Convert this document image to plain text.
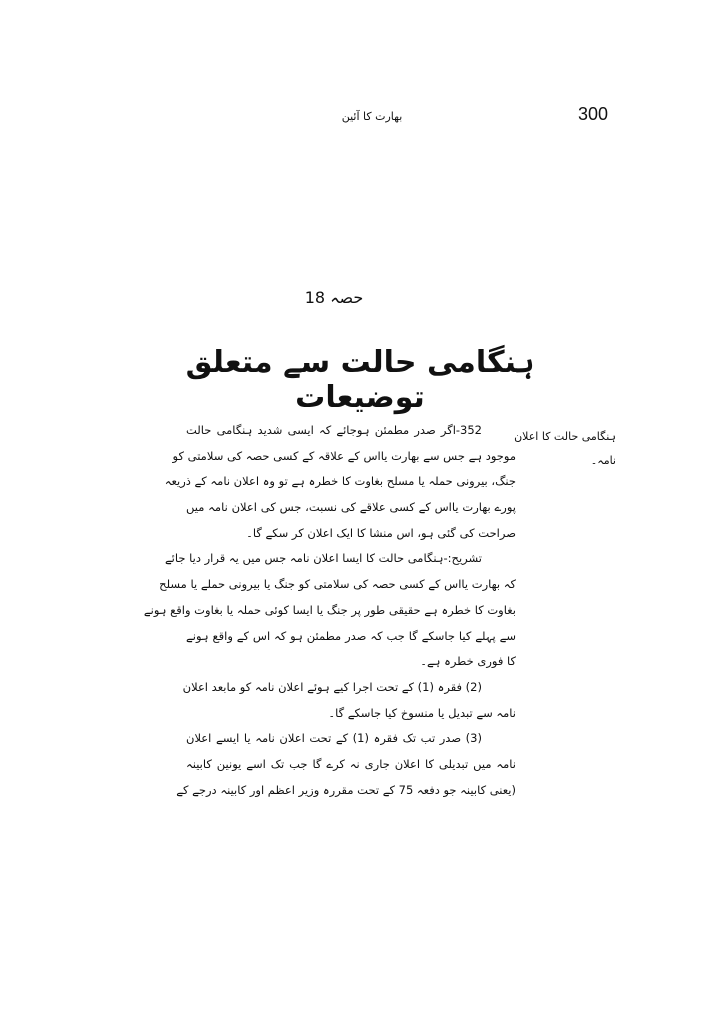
300
بھارت کا آئین
حصہ 18
ہنگامی حالت سے متعلق توضیعات
ہنگامی حالت کا اعلان
نامہ۔
352-اگر صدر مطمئن ہوجائے کہ ایسی شدید ہنگامی حالت
موجود ہے جس سے بھارت یااس کے علاقہ کے کسی حصہ کی سلامتی کو
جنگ، بیرونی حملہ یا مسلح بغاوت کا خطرہ ہے تو وہ اعلان نامہ کے ذریعہ
پورے بھارت یااس کے کسی علاقے کی نسبت، جس کی اعلان نامہ میں
صراحت کی گئی ہو، اس منشا کا ایک اعلان کر سکے گا۔
تشریح:-ہنگامی حالت کا ایسا اعلان نامہ جس میں یہ قرار دیا جائے
کہ بھارت یااس کے کسی حصہ کی سلامتی کو جنگ یا بیرونی حملے یا مسلح
بغاوت کا خطرہ ہے حقیقی طور پر جنگ یا ایسا کوئی حملہ یا بغاوت واقع ہونے
سے پہلے کیا جاسکے گا جب کہ صدر مطمئن ہو کہ اس کے واقع ہونے
کا فوری خطرہ ہے۔
(2) فقرہ (1) کے تحت اجرا کیے ہوئے اعلان نامہ کو مابعد اعلان
نامہ سے تبدیل یا منسوخ کیا جاسکے گا۔
(3) صدر تب تک فقرہ (1) کے تحت اعلان نامہ یا ایسے اعلان
نامہ میں تبدیلی کا اعلان جاری نہ کرے گا جب تک اسے یونین کابینہ
(یعنی کابینہ جو دفعہ 75 کے تحت مقررہ وزیر اعظم اور کابینہ درجے کے
